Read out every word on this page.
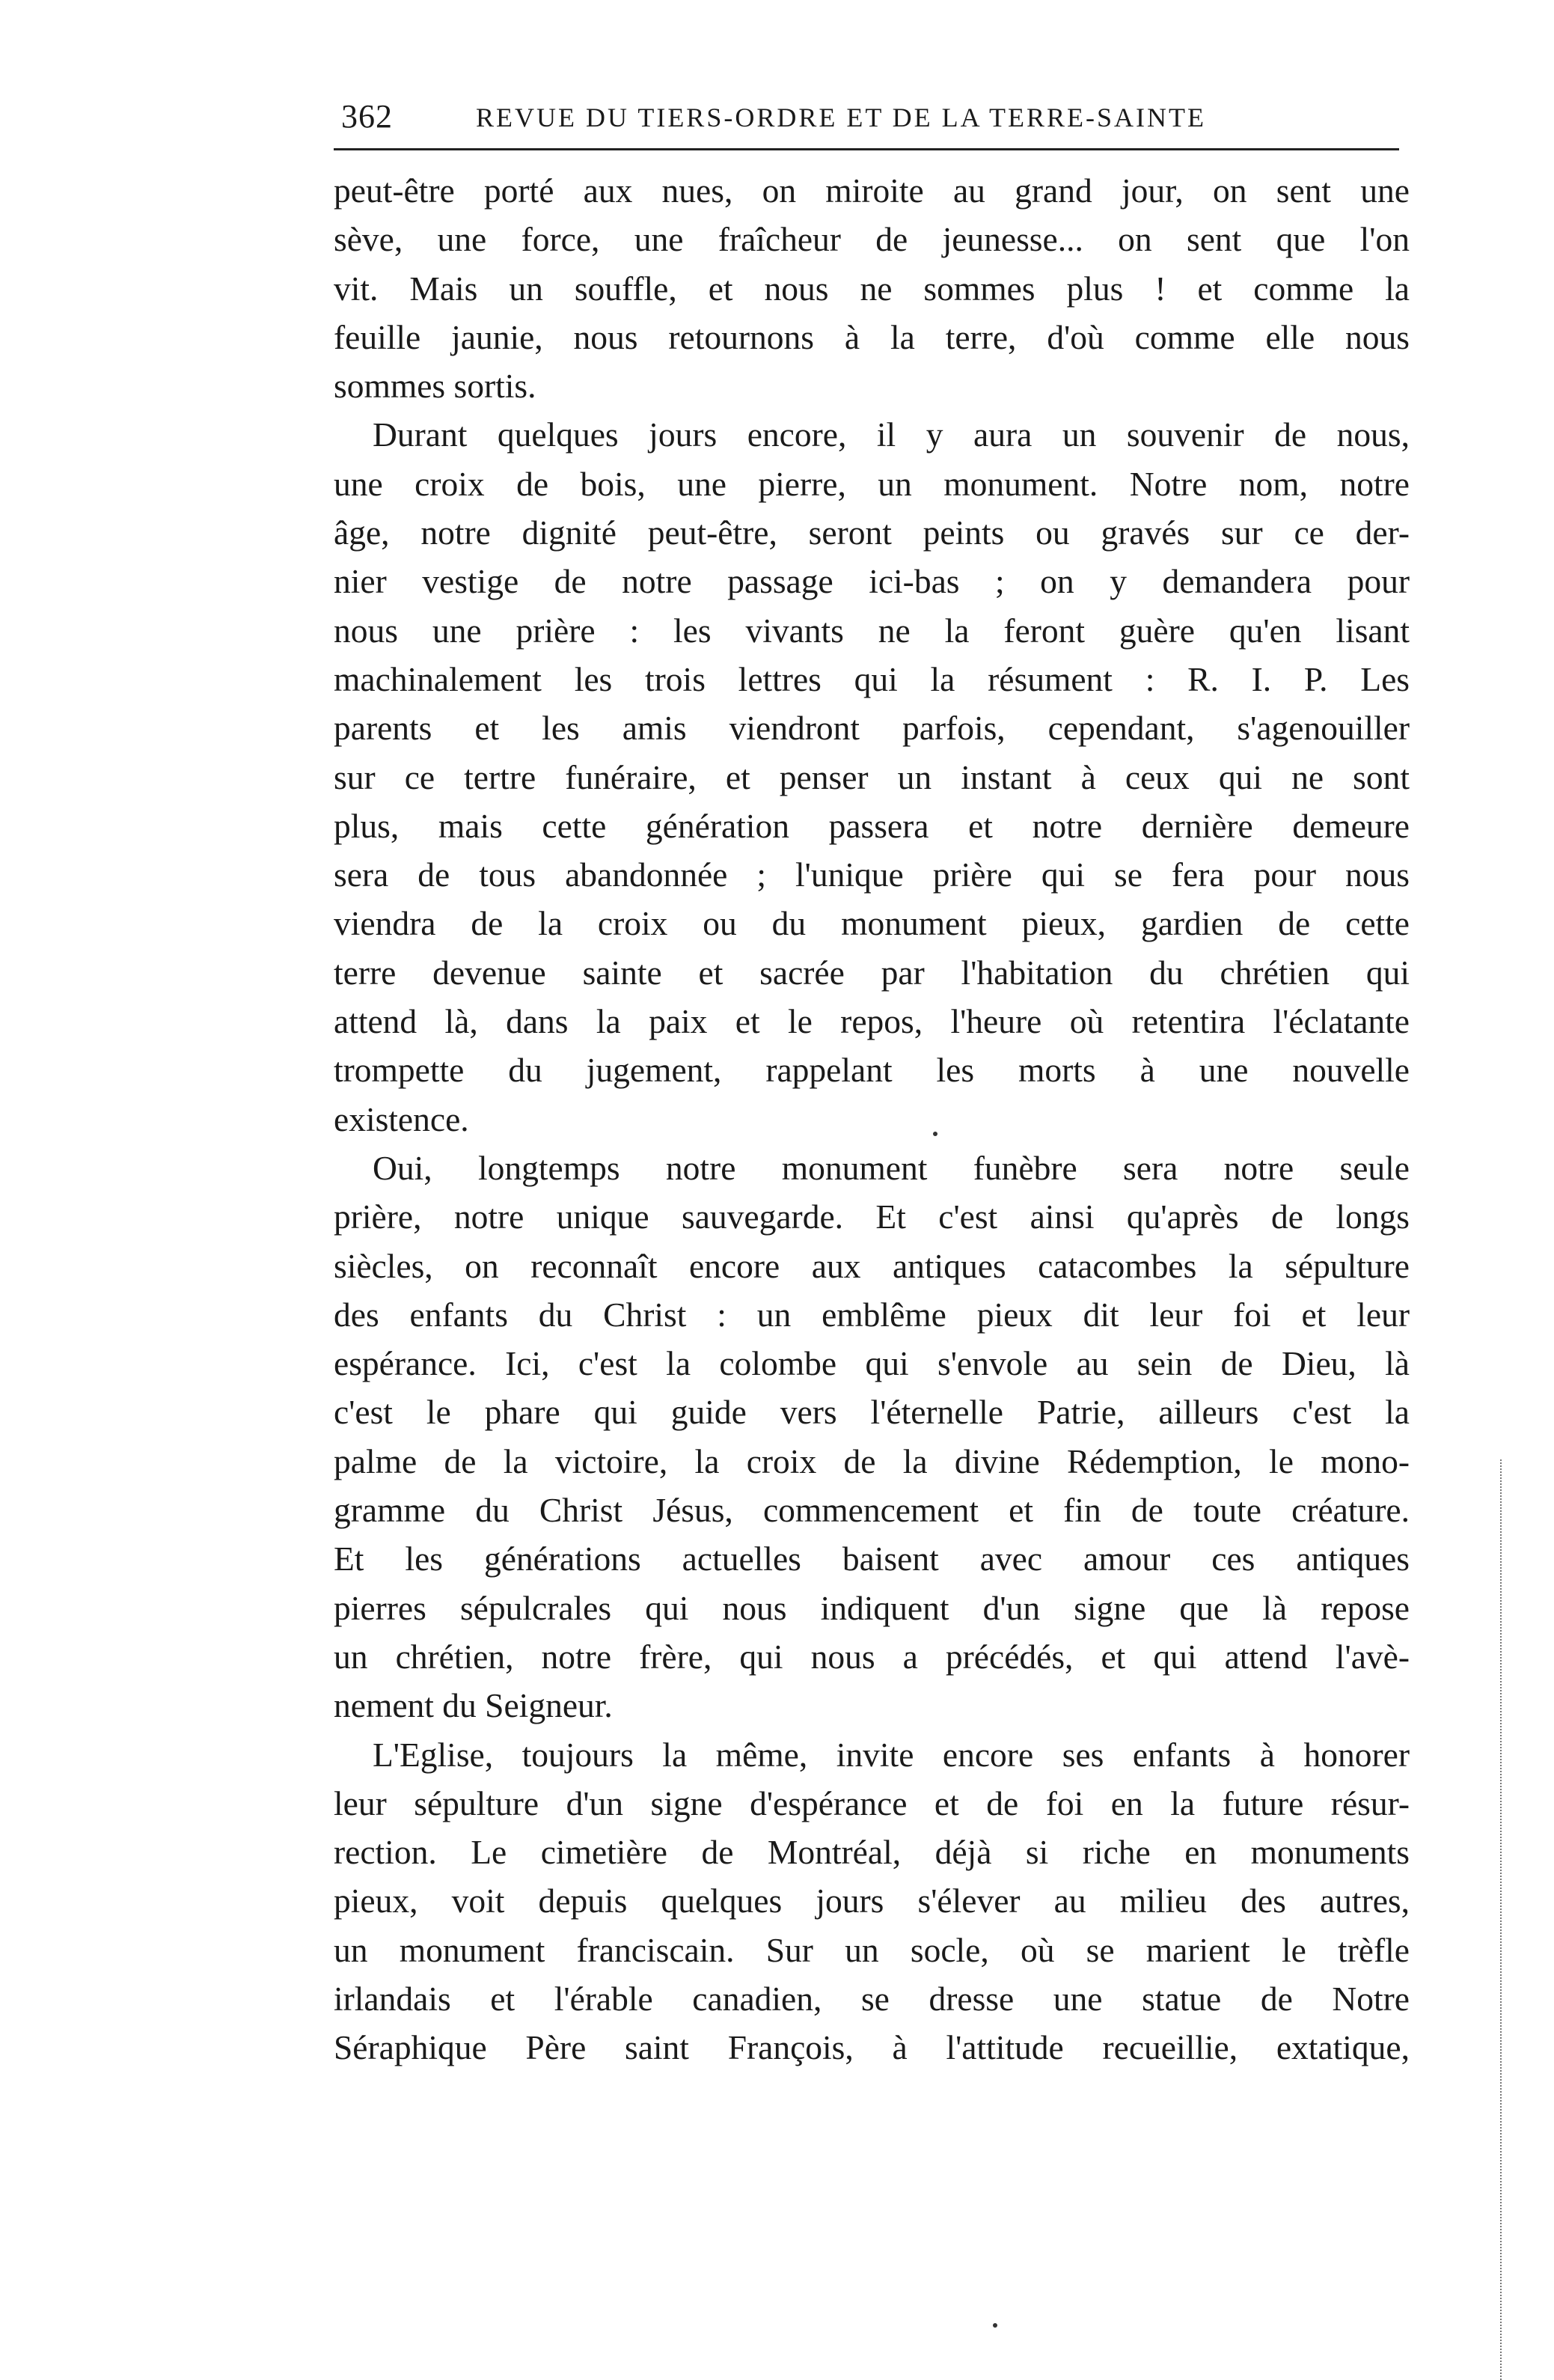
362	REVUE DU TIERS-ORDRE ET DE LA TERRE-SAINTE
peut-être porté aux nues, on miroite au grand jour, on sent une
sève, une force, une fraîcheur de jeunesse... on sent que l'on
vit. Mais un souffle, et nous ne sommes plus ! et comme la
feuille jaunie, nous retournons à la terre, d'où comme elle nous
sommes sortis.
Durant quelques jours encore, il y aura un souvenir de nous,
une croix de bois, une pierre, un monument. Notre nom, notre
âge, notre dignité peut-être, seront peints ou gravés sur ce der-
nier vestige de notre passage ici-bas ; on y demandera pour
nous une prière : les vivants ne la feront guère qu'en lisant
machinalement les trois lettres qui la résument : R. I. P. Les
parents et les amis viendront parfois, cependant, s'agenouiller
sur ce tertre funéraire, et penser un instant à ceux qui ne sont
plus, mais cette génération passera et notre dernière demeure
sera de tous abandonnée ; l'unique prière qui se fera pour nous
viendra de la croix ou du monument pieux, gardien de cette
terre devenue sainte et sacrée par l'habitation du chrétien qui
attend là, dans la paix et le repos, l'heure où retentira l'éclatante
trompette du jugement, rappelant les morts à une nouvelle
existence.
Oui, longtemps notre monument funèbre sera notre seule
prière, notre unique sauvegarde. Et c'est ainsi qu'après de longs
siècles, on reconnaît encore aux antiques catacombes la sépulture
des enfants du Christ : un emblême pieux dit leur foi et leur
espérance. Ici, c'est la colombe qui s'envole au sein de Dieu, là
c'est le phare qui guide vers l'éternelle Patrie, ailleurs c'est la
palme de la victoire, la croix de la divine Rédemption, le mono-
gramme du Christ Jésus, commencement et fin de toute créature.
Et les générations actuelles baisent avec amour ces antiques
pierres sépulcrales qui nous indiquent d'un signe que là repose
un chrétien, notre frère, qui nous a précédés, et qui attend l'avè-
nement du Seigneur.
L'Eglise, toujours la même, invite encore ses enfants à honorer
leur sépulture d'un signe d'espérance et de foi en la future résur-
rection. Le cimetière de Montréal, déjà si riche en monuments
pieux, voit depuis quelques jours s'élever au milieu des autres,
un monument franciscain. Sur un socle, où se marient le trèfle
irlandais et l'érable canadien, se dresse une statue de Notre
Séraphique Père saint François, à l'attitude recueillie, extatique,
